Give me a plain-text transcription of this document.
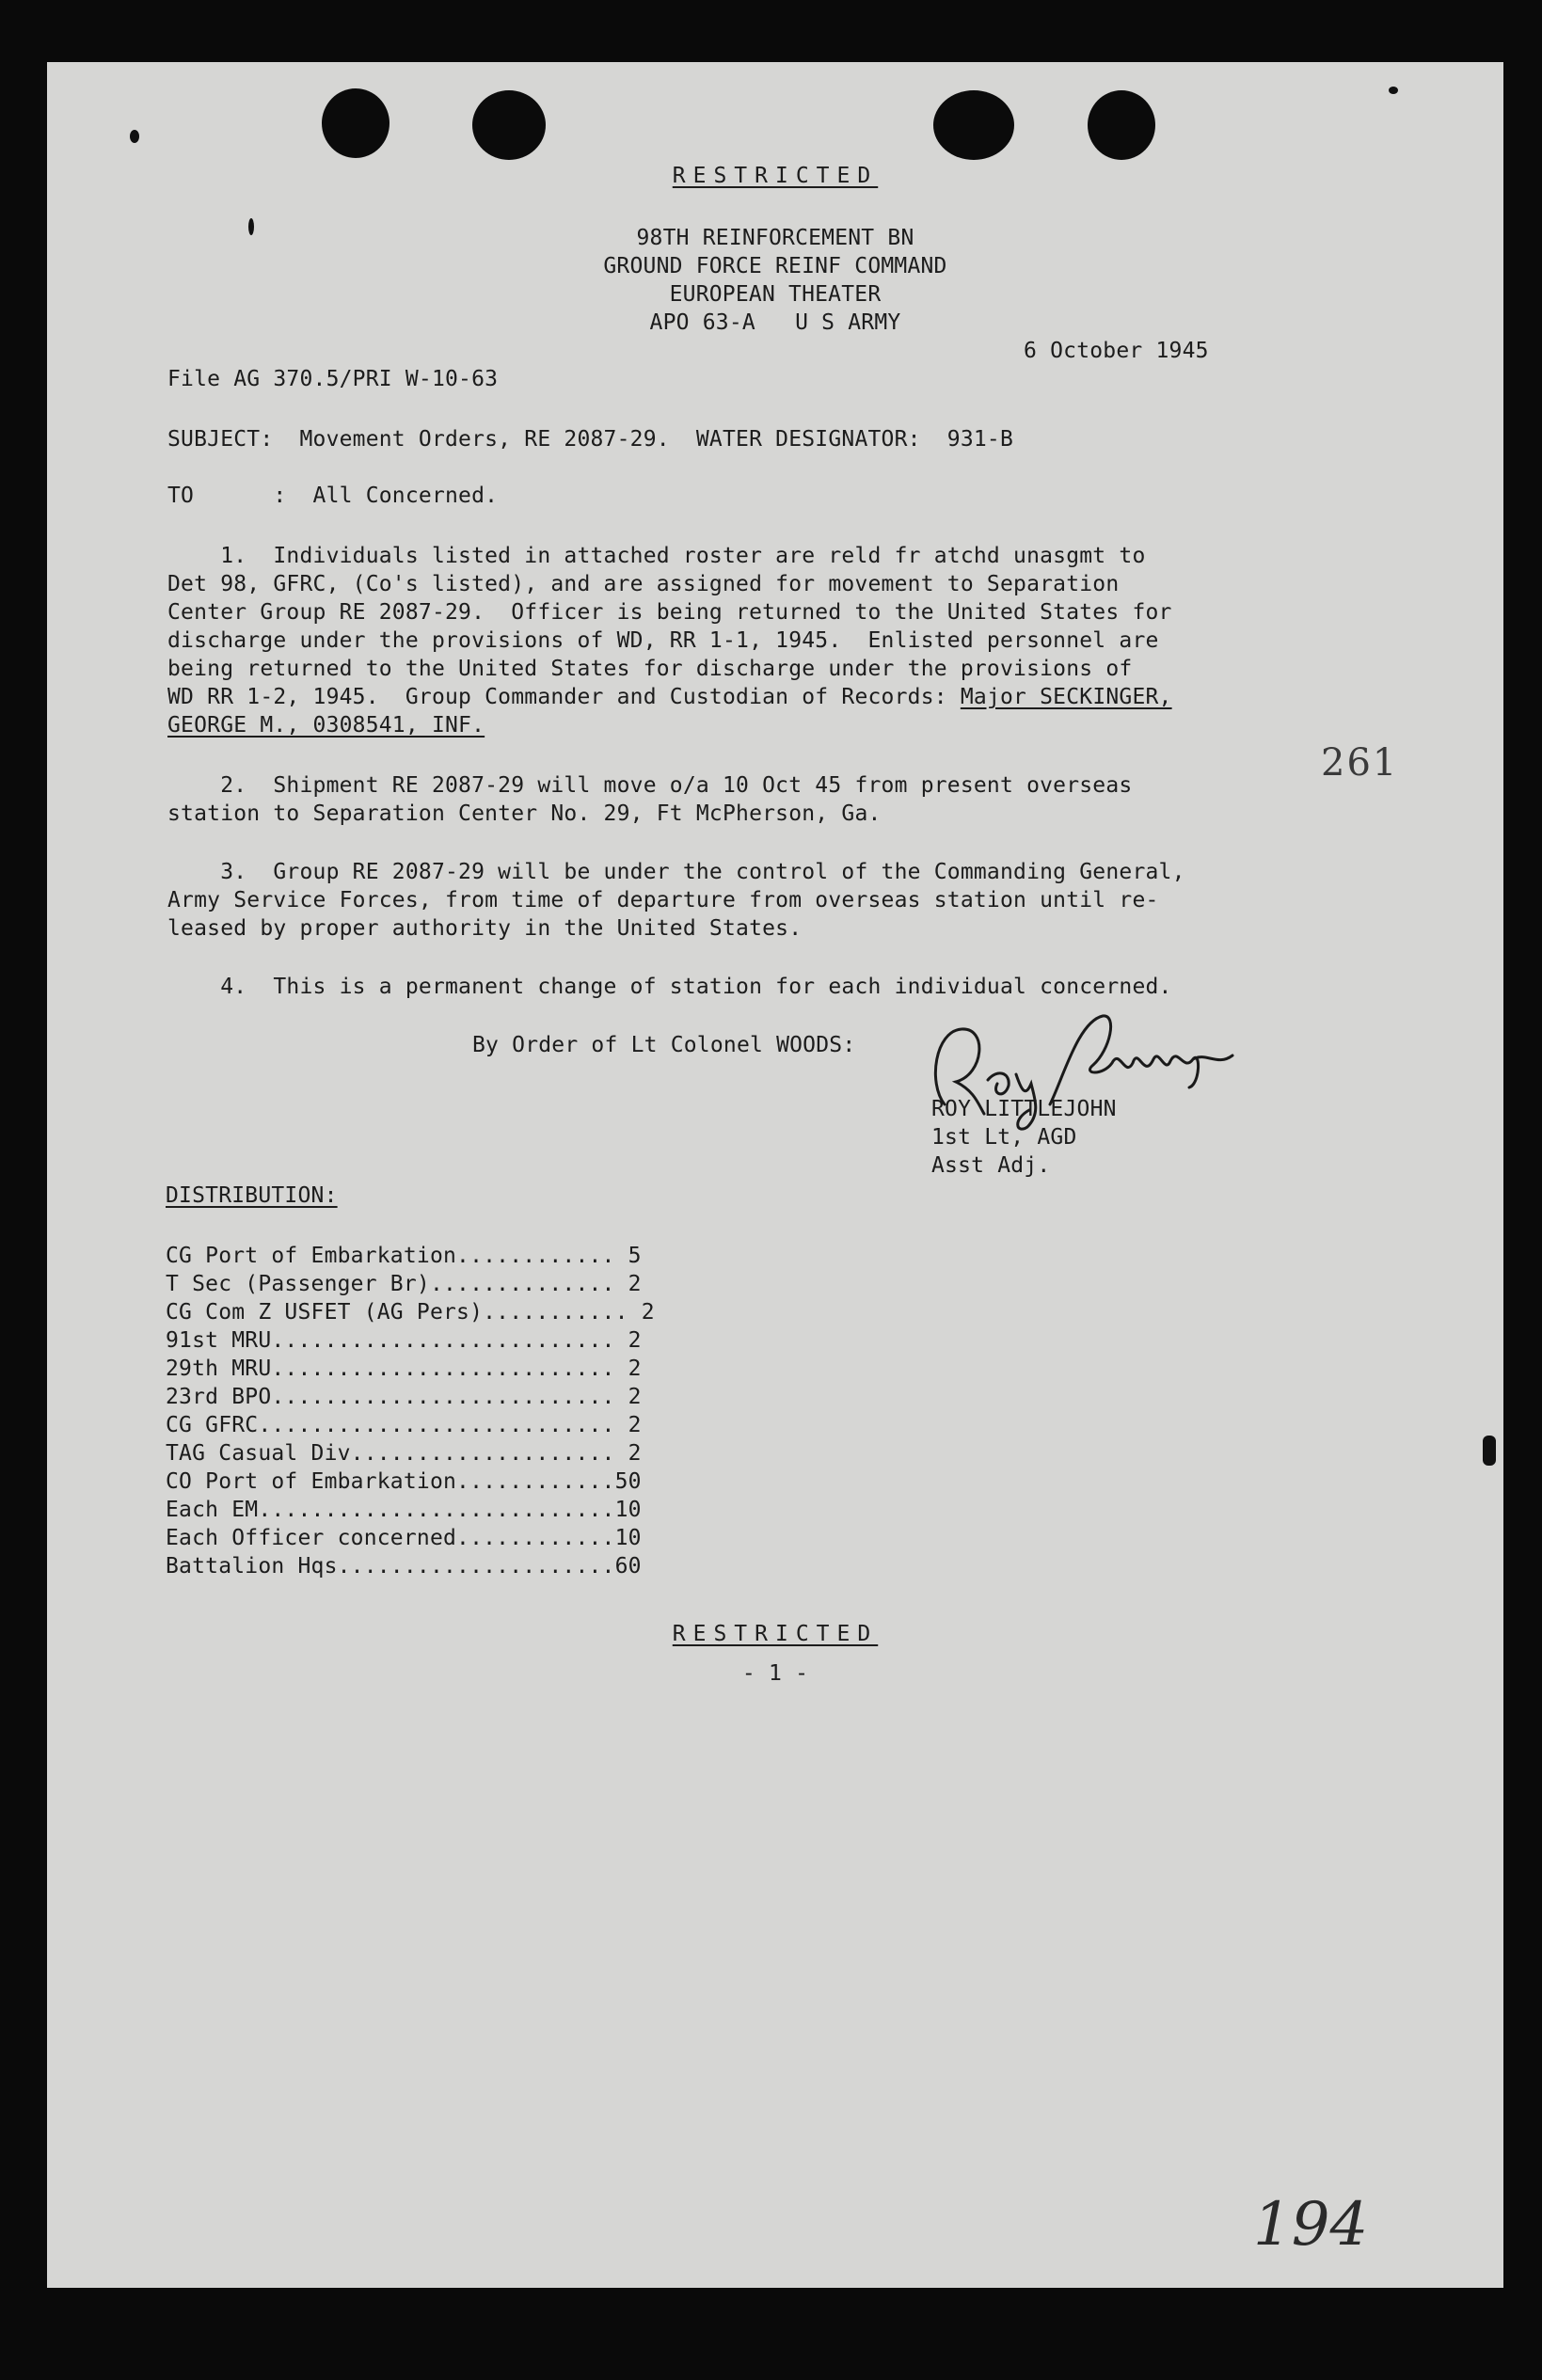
RESTRICTED
98TH REINFORCEMENT BN
GROUND FORCE REINF COMMAND
EUROPEAN THEATER
APO 63-A   U S ARMY
6 October 1945
File AG 370.5/PRI W-10-63
SUBJECT:  Movement Orders, RE 2087-29.  WATER DESIGNATOR:  931-B
TO      :  All Concerned.
1.  Individuals listed in attached roster are reld fr atchd unasgmt to
Det 98, GFRC, (Co's listed), and are assigned for movement to Separation
Center Group RE 2087-29.  Officer is being returned to the United States for
discharge under the provisions of WD, RR 1-1, 1945.  Enlisted personnel are
being returned to the United States for discharge under the provisions of
WD RR 1-2, 1945.  Group Commander and Custodian of Records: Major SECKINGER,
GEORGE M., 0308541, INF.
261
2.  Shipment RE 2087-29 will move o/a 10 Oct 45 from present overseas
station to Separation Center No. 29, Ft McPherson, Ga.
3.  Group RE 2087-29 will be under the control of the Commanding General,
Army Service Forces, from time of departure from overseas station until re-
leased by proper authority in the United States.
4.  This is a permanent change of station for each individual concerned.
By Order of Lt Colonel WOODS:
ROY LITTLEJOHN
1st Lt, AGD
Asst Adj.
DISTRIBUTION:
CG Port of Embarkation............ 5
T Sec (Passenger Br).............. 2
CG Com Z USFET (AG Pers)........... 2
91st MRU.......................... 2
29th MRU.......................... 2
23rd BPO.......................... 2
CG GFRC........................... 2
TAG Casual Div.................... 2
CO Port of Embarkation............50
Each EM...........................10
Each Officer concerned............10
Battalion Hqs.....................60
RESTRICTED
- 1 -
194
